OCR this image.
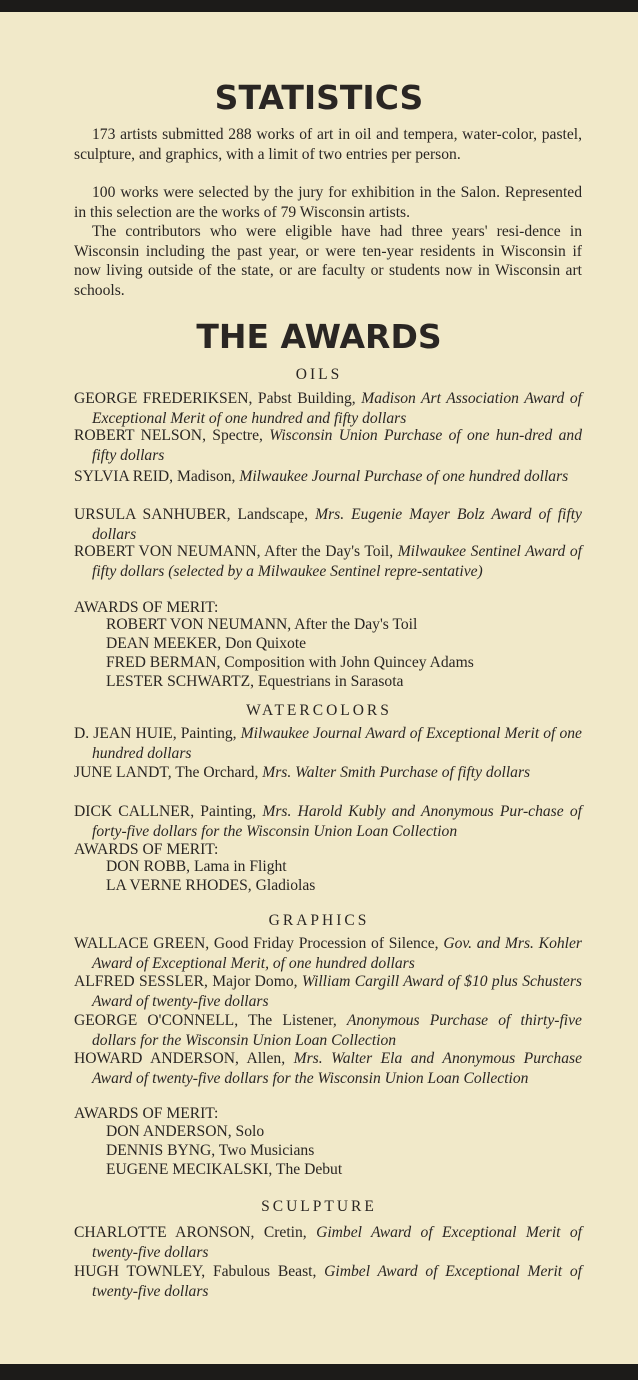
STATISTICS

173 artists submitted 288 works of art in oil and tempera, water-color, pastel, sculpture, and graphics, with a limit of two entries per person.

100 works were selected by the jury for exhibition in the Salon. Represented in this selection are the works of 79 Wisconsin artists.

The contributors who were eligible have had three years' resi-dence in Wisconsin including the past year, or were ten-year residents in Wisconsin if now living outside of the state, or are faculty or students now in Wisconsin art schools.

THE AWARDS

OILS

GEORGE FREDERIKSEN, Pabst Building, Madison Art Association Award of Exceptional Merit of one hundred and fifty dollars

ROBERT NELSON, Spectre, Wisconsin Union Purchase of one hun-dred and fifty dollars

SYLVIA REID, Madison, Milwaukee Journal Purchase of one hundred dollars

URSULA SANHUBER, Landscape, Mrs. Eugenie Mayer Bolz Award of fifty dollars

ROBERT VON NEUMANN, After the Day's Toil, Milwaukee Sentinel Award of fifty dollars (selected by a Milwaukee Sentinel repre-sentative)

AWARDS OF MERIT:

ROBERT VON NEUMANN, After the Day's Toil

DEAN MEEKER, Don Quixote

FRED BERMAN, Composition with John Quincey Adams

LESTER SCHWARTZ, Equestrians in Sarasota

WATERCOLORS

D. JEAN HUIE, Painting, Milwaukee Journal Award of Exceptional Merit of one hundred dollars

JUNE LANDT, The Orchard, Mrs. Walter Smith Purchase of fifty dollars

DICK CALLNER, Painting, Mrs. Harold Kubly and Anonymous Pur-chase of forty-five dollars for the Wisconsin Union Loan Collection

AWARDS OF MERIT:

DON ROBB, Lama in Flight

LA VERNE RHODES, Gladiolas

GRAPHICS

WALLACE GREEN, Good Friday Procession of Silence, Gov. and Mrs. Kohler Award of Exceptional Merit, of one hundred dollars

ALFRED SESSLER, Major Domo, William Cargill Award of $10 plus Schusters Award of twenty-five dollars

GEORGE O'CONNELL, The Listener, Anonymous Purchase of thirty-five dollars for the Wisconsin Union Loan Collection

HOWARD ANDERSON, Allen, Mrs. Walter Ela and Anonymous Purchase Award of twenty-five dollars for the Wisconsin Union Loan Collection

AWARDS OF MERIT:

DON ANDERSON, Solo

DENNIS BYNG, Two Musicians

EUGENE MECIKALSKI, The Debut

SCULPTURE

CHARLOTTE ARONSON, Cretin, Gimbel Award of Exceptional Merit of twenty-five dollars

HUGH TOWNLEY, Fabulous Beast, Gimbel Award of Exceptional Merit of twenty-five dollars
